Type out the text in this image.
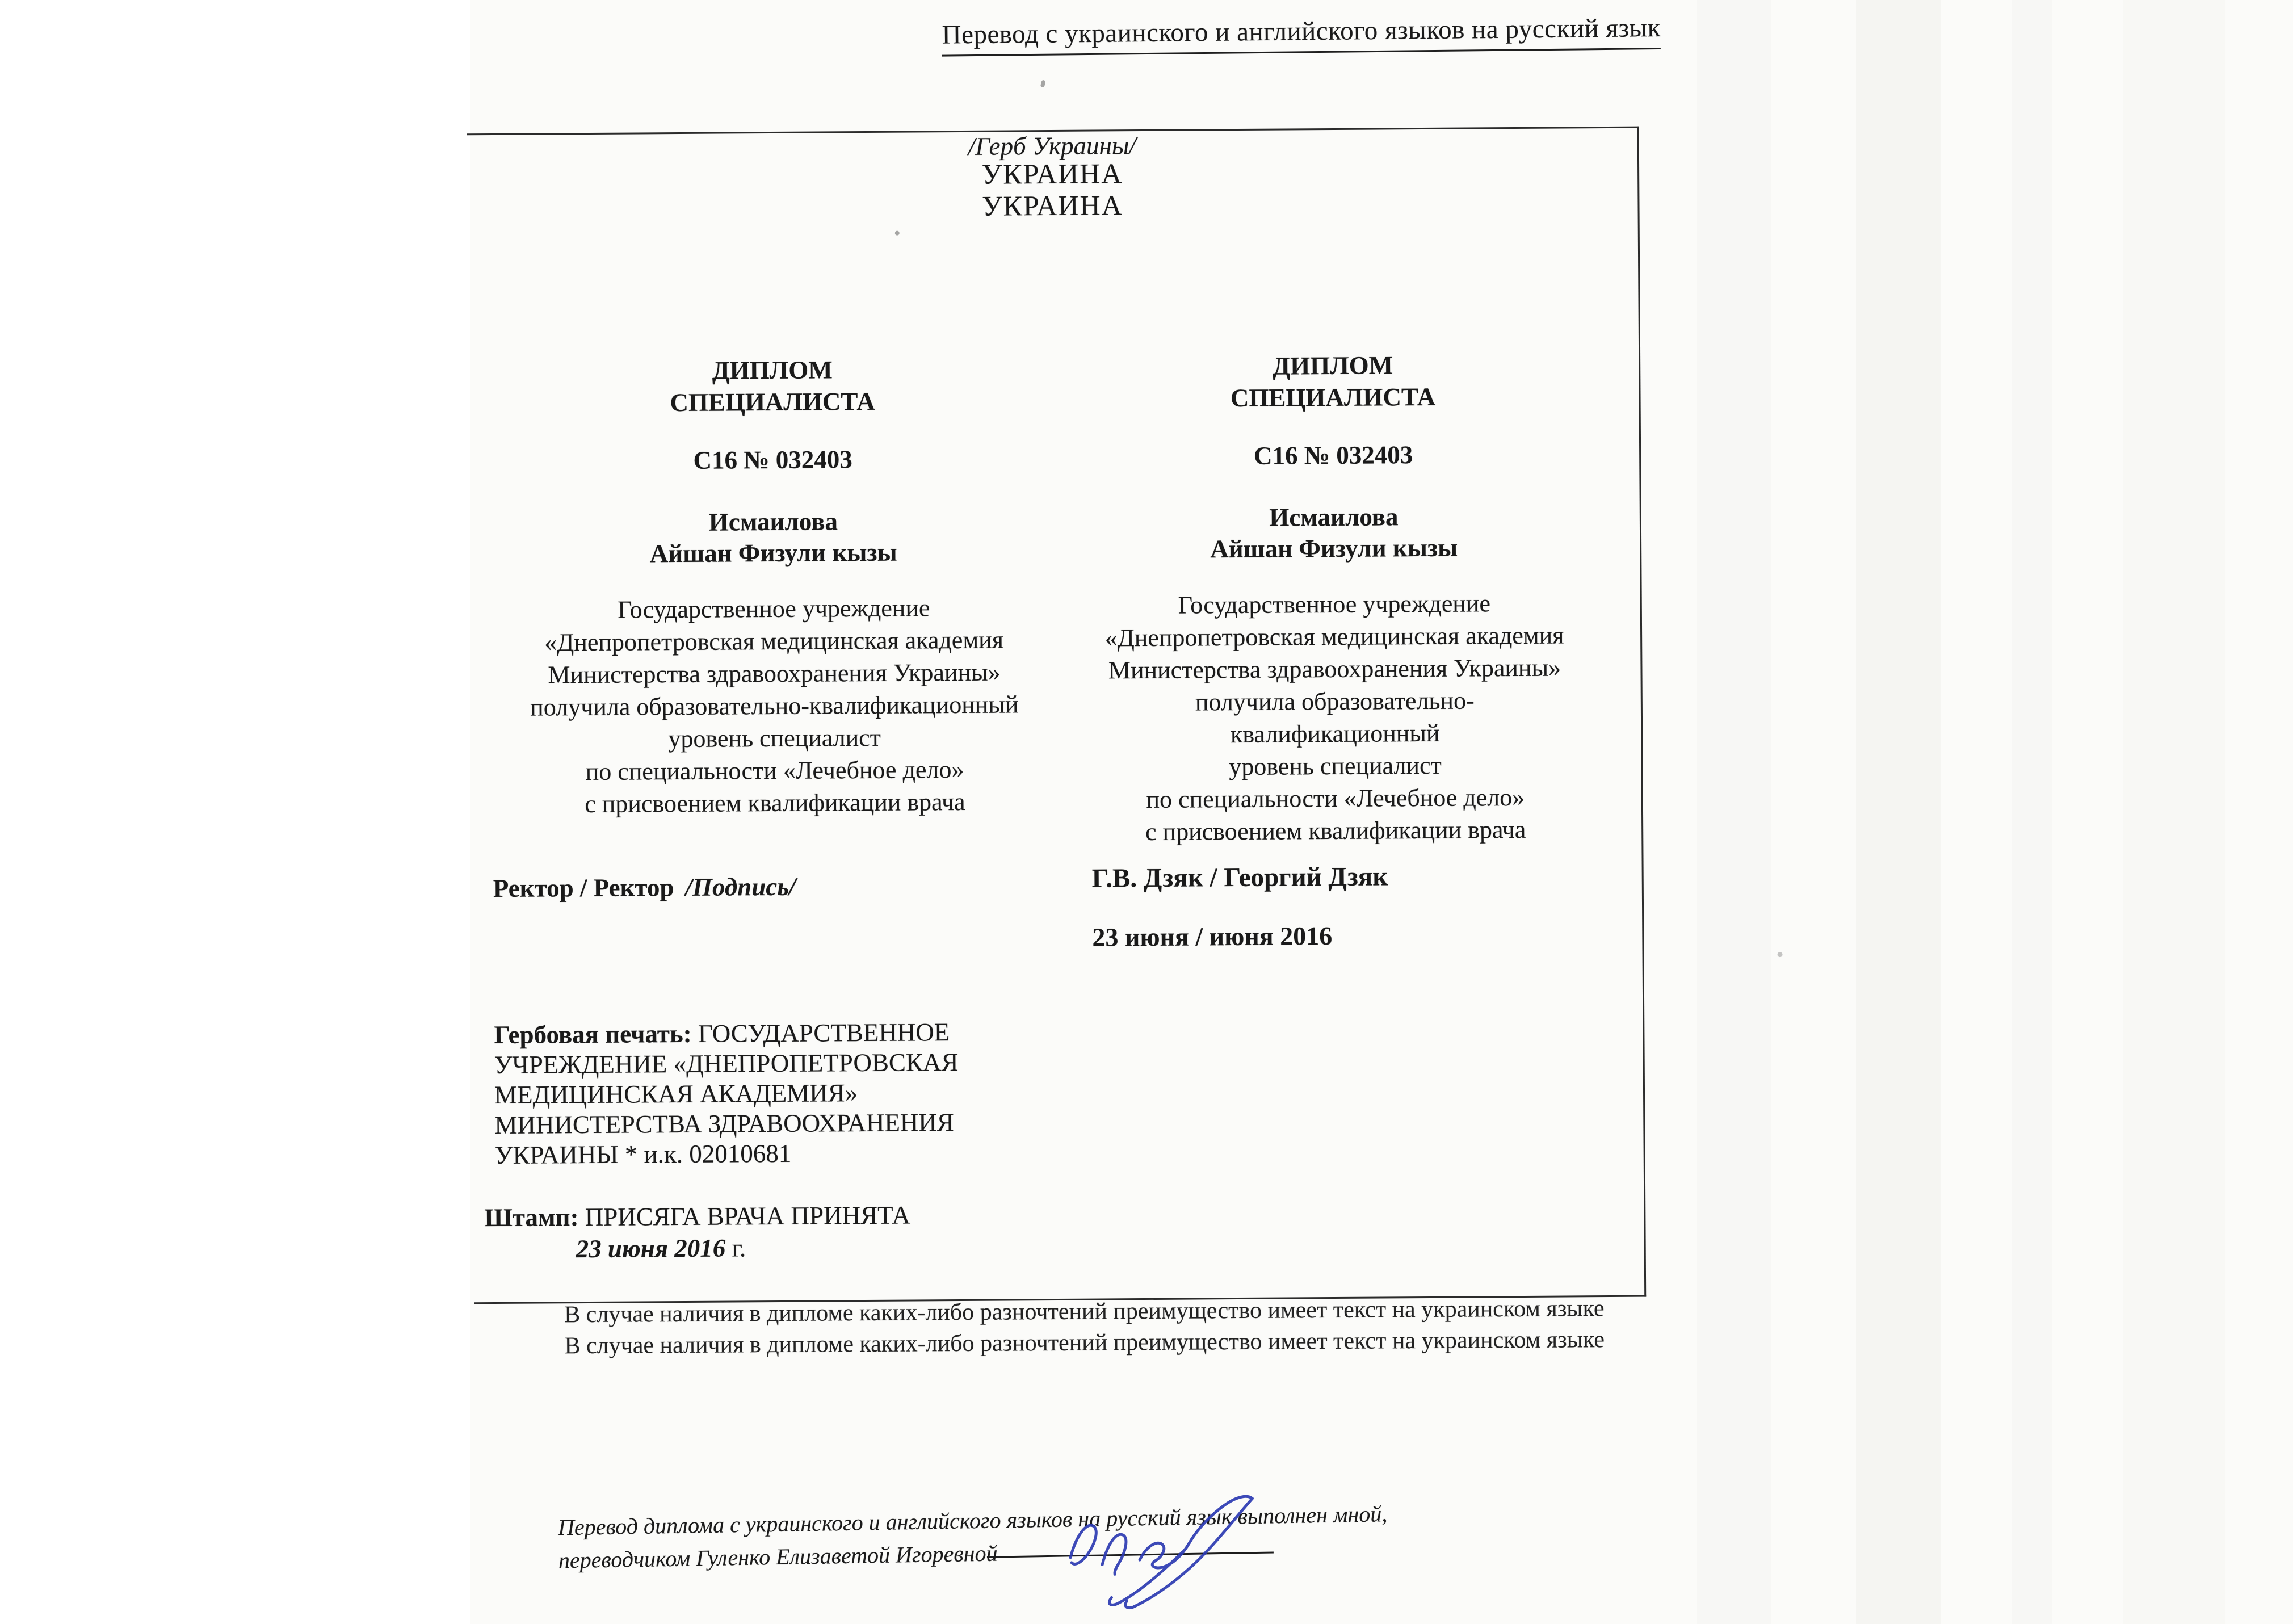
Перевод с украинского и английского языков на русский язык
/Герб Украины/
УКРАИНА
УКРАИНА
ДИПЛОМ
СПЕЦИАЛИСТА
С16 № 032403
Исмаилова
Айшан Физули кызы
Государственное учреждение
«Днепропетровская медицинская академия
Министерства здравоохранения Украины»
получила образовательно-квалификационный
уровень специалист
по специальности «Лечебное дело»
с присвоением квалификации врача
Ректор / Ректор /Подпись/
Гербовая печать: ГОСУДАРСТВЕННОЕ
УЧРЕЖДЕНИЕ «ДНЕПРОПЕТРОВСКАЯ
МЕДИЦИНСКАЯ АКАДЕМИЯ»
МИНИСТЕРСТВА ЗДРАВООХРАНЕНИЯ
УКРАИНЫ * и.к. 02010681
Штамп: ПРИСЯГА ВРАЧА ПРИНЯТА
23 июня 2016 г.
ДИПЛОМ
СПЕЦИАЛИСТА
С16 № 032403
Исмаилова
Айшан Физули кызы
Государственное учреждение
«Днепропетровская медицинская академия
Министерства здравоохранения Украины»
получила образовательно-квалификационный
уровень специалист
по специальности «Лечебное дело»
с присвоением квалификации врача
Г.В. Дзяк / Георгий Дзяк
23 июня / июня 2016
В случае наличия в дипломе каких-либо разночтений преимущество имеет текст на украинском языке
В случае наличия в дипломе каких-либо разночтений преимущество имеет текст на украинском языке
Перевод диплома с украинского и английского языков на русский язык выполнен мной,
переводчиком Гуленко Елизаветой Игоревной
